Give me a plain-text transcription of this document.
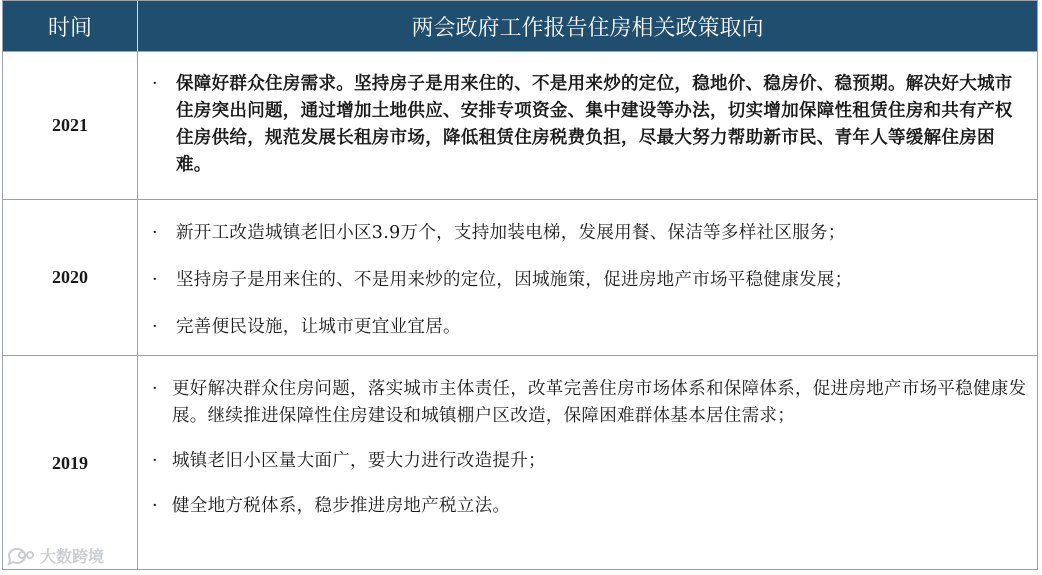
时间	两会政府工作报告住房相关政策取向
2021
·	保障好群众住房需求。坚持房子是用来住的、不是用来炒的定位，稳地价、稳房价、稳预期。解决好大城市住房突出问题，通过增加土地供应、安排专项资金、集中建设等办法，切实增加保障性租赁住房和共有产权住房供给，规范发展长租房市场，降低租赁住房税费负担，尽最大努力帮助新市民、青年人等缓解住房困难。
2020
·	新开工改造城镇老旧小区3.9万个，支持加装电梯，发展用餐、保洁等多样社区服务；
·	坚持房子是用来住的、不是用来炒的定位，因城施策，促进房地产市场平稳健康发展；
·	完善便民设施，让城市更宜业宜居。
2019
· 更好解决群众住房问题，落实城市主体责任，改革完善住房市场体系和保障体系，促进房地产市场平稳健康发展。继续推进保障性住房建设和城镇棚户区改造，保障困难群体基本居住需求；
· 城镇老旧小区量大面广，要大力进行改造提升；
· 健全地方税体系，稳步推进房地产税立法。
大数跨境
